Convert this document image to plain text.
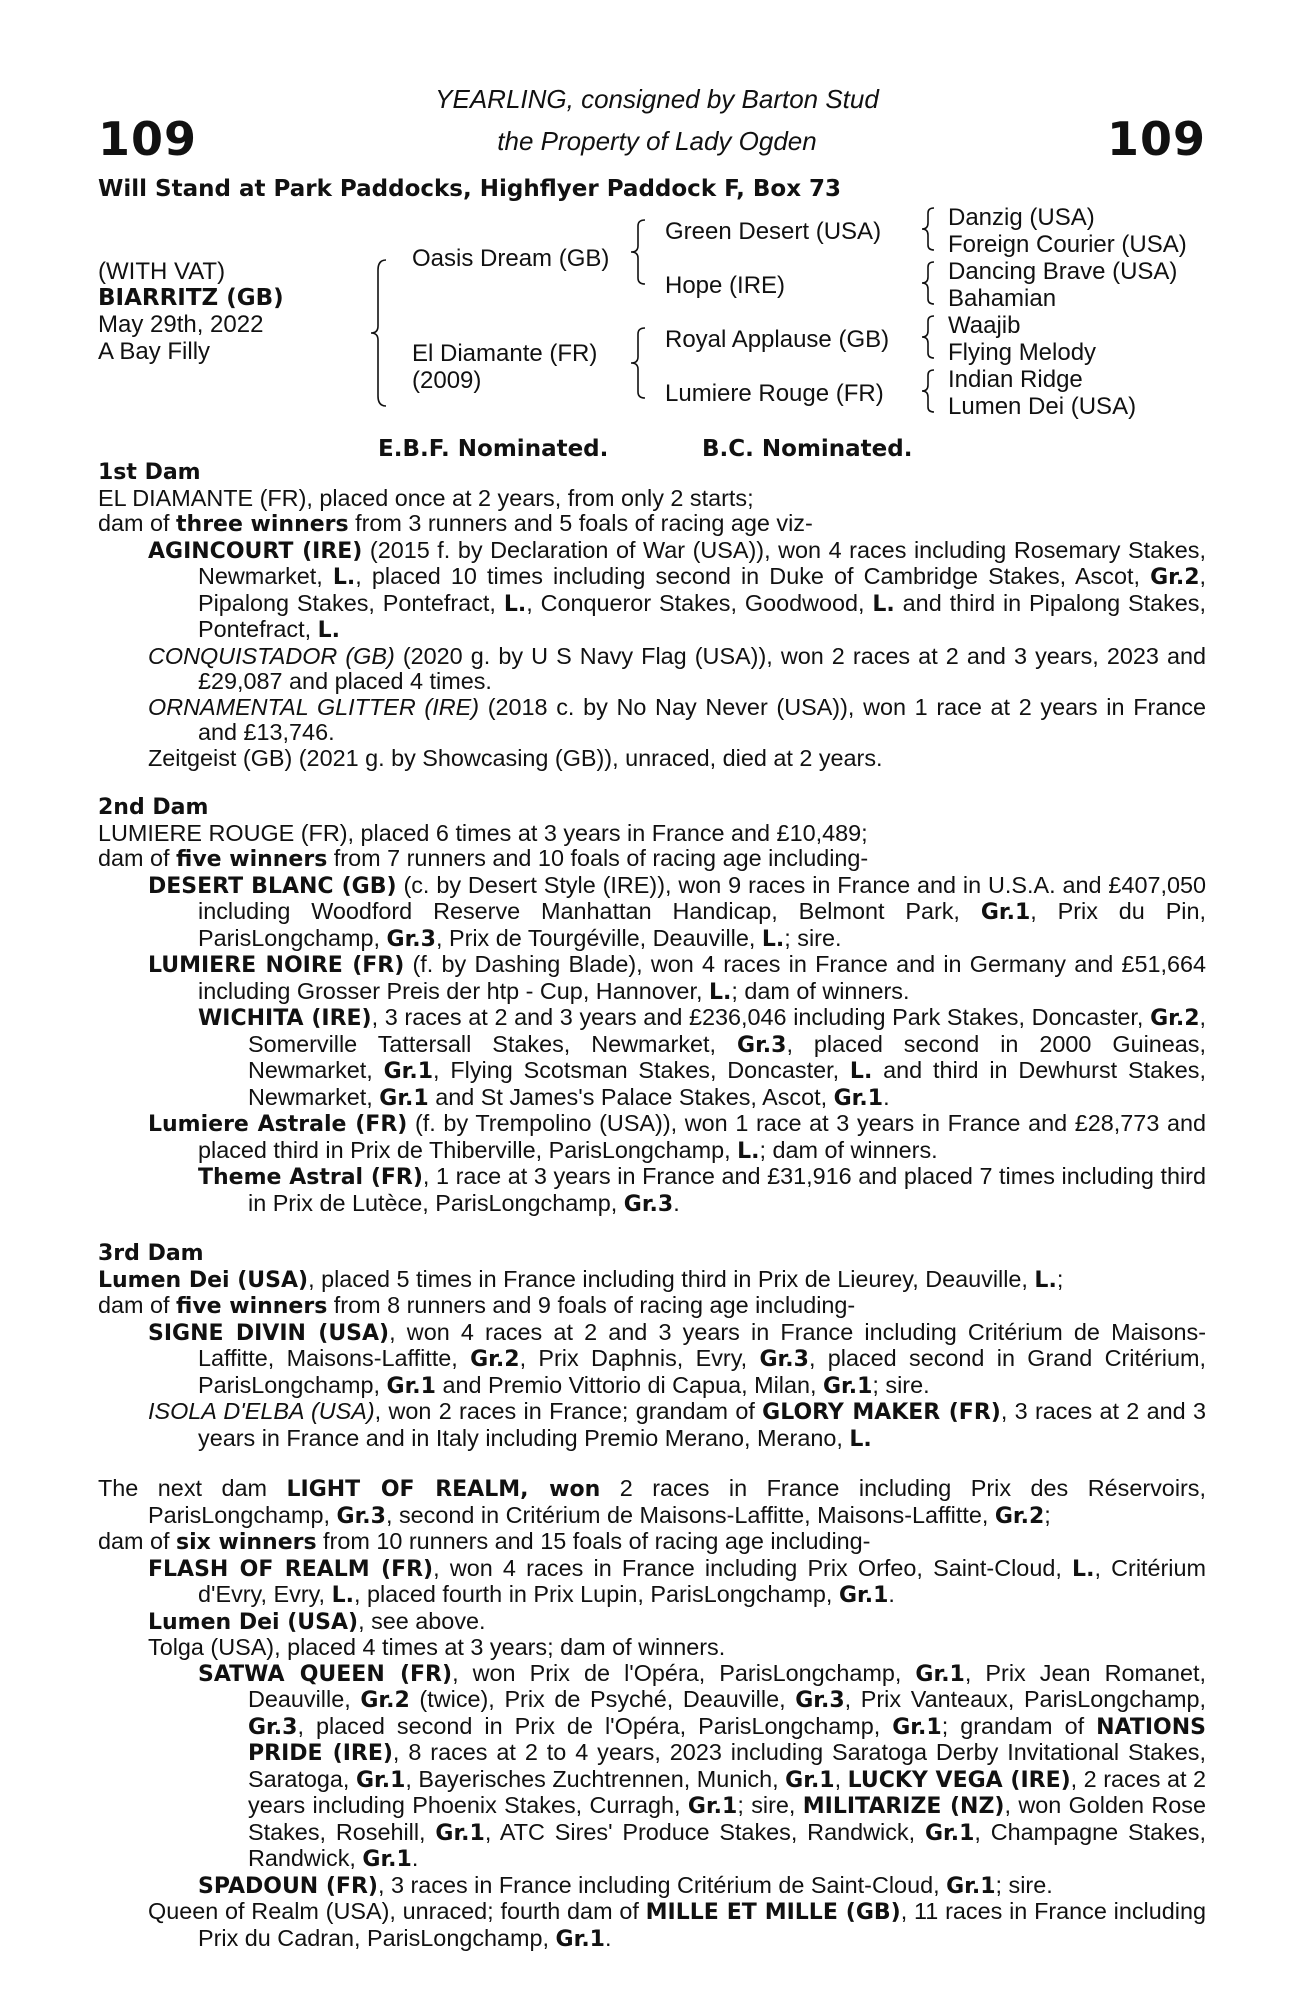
109	109
YEARLING, consigned by Barton Stud
the Property of Lady Ogden
Will Stand at Park Paddocks, Highflyer Paddock F, Box 73
(WITH VAT)
BIARRITZ (GB)
May 29th, 2022
A Bay Filly
Oasis Dream (GB)
El Diamante (FR)
(2009)
Green Desert (USA)
Hope (IRE)
Royal Applause (GB)
Lumiere Rouge (FR)
Danzig (USA)
Foreign Courier (USA)
Dancing Brave (USA)
Bahamian
Waajib
Flying Melody
Indian Ridge
Lumen Dei (USA)
E.B.F. Nominated.	B.C. Nominated.

1st Dam

EL DIAMANTE (FR), placed once at 2 years, from only 2 starts;

dam of three winners from 3 runners and 5 foals of racing age viz-

AGINCOURT (IRE) (2015 f. by Declaration of War (USA)), won 4 races including Rosemary Stakes, Newmarket, L., placed 10 times including second in Duke of Cambridge Stakes, Ascot, Gr.2, Pipalong Stakes, Pontefract, L., Conqueror Stakes, Goodwood, L. and third in Pipalong Stakes, Pontefract, L.

CONQUISTADOR (GB) (2020 g. by U S Navy Flag (USA)), won 2 races at 2 and 3 years, 2023 and £29,087 and placed 4 times.

ORNAMENTAL GLITTER (IRE) (2018 c. by No Nay Never (USA)), won 1 race at 2 years in France and £13,746.

Zeitgeist (GB) (2021 g. by Showcasing (GB)), unraced, died at 2 years.

2nd Dam

LUMIERE ROUGE (FR), placed 6 times at 3 years in France and £10,489;

dam of five winners from 7 runners and 10 foals of racing age including-

DESERT BLANC (GB) (c. by Desert Style (IRE)), won 9 races in France and in U.S.A. and £407,050 including Woodford Reserve Manhattan Handicap, Belmont Park, Gr.1, Prix du Pin, ParisLongchamp, Gr.3, Prix de Tourgéville, Deauville, L.; sire.

LUMIERE NOIRE (FR) (f. by Dashing Blade), won 4 races in France and in Germany and £51,664 including Grosser Preis der htp - Cup, Hannover, L.; dam of winners.

WICHITA (IRE), 3 races at 2 and 3 years and £236,046 including Park Stakes, Doncaster, Gr.2, Somerville Tattersall Stakes, Newmarket, Gr.3, placed second in 2000 Guineas, Newmarket, Gr.1, Flying Scotsman Stakes, Doncaster, L. and third in Dewhurst Stakes, Newmarket, Gr.1 and St James's Palace Stakes, Ascot, Gr.1.

Lumiere Astrale (FR) (f. by Trempolino (USA)), won 1 race at 3 years in France and £28,773 and placed third in Prix de Thiberville, ParisLongchamp, L.; dam of winners.

Theme Astral (FR), 1 race at 3 years in France and £31,916 and placed 7 times including third in Prix de Lutèce, ParisLongchamp, Gr.3.

3rd Dam

Lumen Dei (USA), placed 5 times in France including third in Prix de Lieurey, Deauville, L.;

dam of five winners from 8 runners and 9 foals of racing age including-

SIGNE DIVIN (USA), won 4 races at 2 and 3 years in France including Critérium de Maisons-Laffitte, Maisons-Laffitte, Gr.2, Prix Daphnis, Evry, Gr.3, placed second in Grand Critérium, ParisLongchamp, Gr.1 and Premio Vittorio di Capua, Milan, Gr.1; sire.

ISOLA D'ELBA (USA), won 2 races in France; grandam of GLORY MAKER (FR), 3 races at 2 and 3 years in France and in Italy including Premio Merano, Merano, L.

The next dam LIGHT OF REALM, won 2 races in France including Prix des Réservoirs, ParisLongchamp, Gr.3, second in Critérium de Maisons-Laffitte, Maisons-Laffitte, Gr.2;

dam of six winners from 10 runners and 15 foals of racing age including-

FLASH OF REALM (FR), won 4 races in France including Prix Orfeo, Saint-Cloud, L., Critérium d'Evry, Evry, L., placed fourth in Prix Lupin, ParisLongchamp, Gr.1.

Lumen Dei (USA), see above.

Tolga (USA), placed 4 times at 3 years; dam of winners.

SATWA QUEEN (FR), won Prix de l'Opéra, ParisLongchamp, Gr.1, Prix Jean Romanet, Deauville, Gr.2 (twice), Prix de Psyché, Deauville, Gr.3, Prix Vanteaux, ParisLongchamp, Gr.3, placed second in Prix de l'Opéra, ParisLongchamp, Gr.1; grandam of NATIONS PRIDE (IRE), 8 races at 2 to 4 years, 2023 including Saratoga Derby Invitational Stakes, Saratoga, Gr.1, Bayerisches Zuchtrennen, Munich, Gr.1, LUCKY VEGA (IRE), 2 races at 2 years including Phoenix Stakes, Curragh, Gr.1; sire, MILITARIZE (NZ), won Golden Rose Stakes, Rosehill, Gr.1, ATC Sires' Produce Stakes, Randwick, Gr.1, Champagne Stakes, Randwick, Gr.1.

SPADOUN (FR), 3 races in France including Critérium de Saint-Cloud, Gr.1; sire.

Queen of Realm (USA), unraced; fourth dam of MILLE ET MILLE (GB), 11 races in France including Prix du Cadran, ParisLongchamp, Gr.1.
